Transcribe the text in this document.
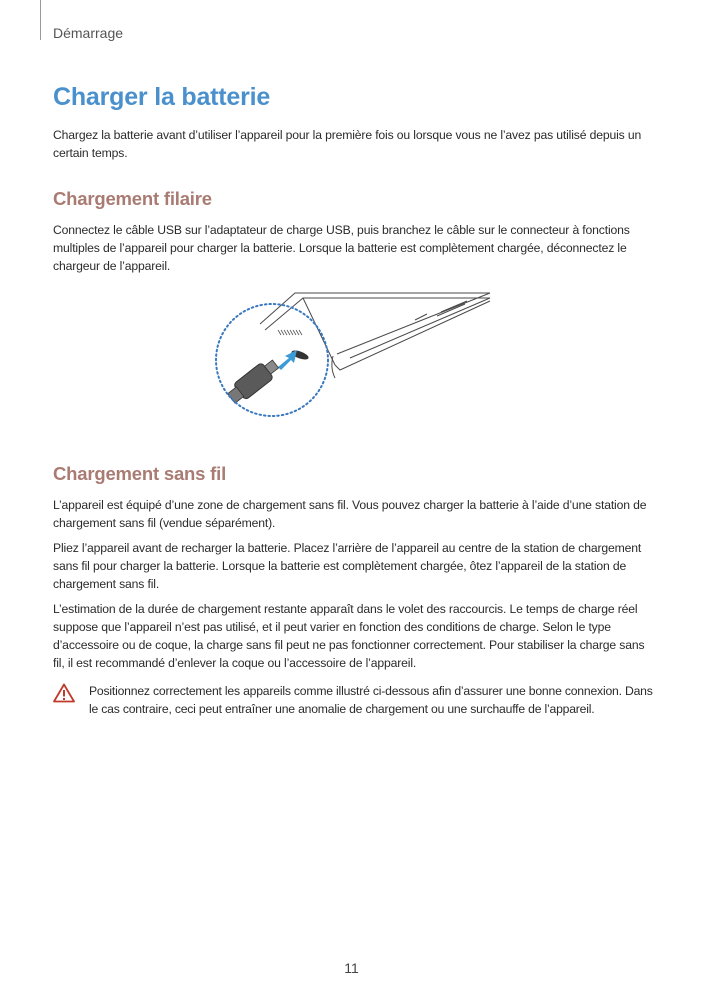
Démarrage
Charger la batterie

Chargez la batterie avant d’utiliser l’appareil pour la première fois ou lorsque vous ne l’avez pas utilisé depuis un certain temps.

Chargement filaire

Connectez le câble USB sur l’adaptateur de charge USB, puis branchez le câble sur le connecteur à fonctions multiples de l’appareil pour charger la batterie. Lorsque la batterie est complètement chargée, déconnectez le chargeur de l’appareil.

Chargement sans fil

L’appareil est équipé d’une zone de chargement sans fil. Vous pouvez charger la batterie à l’aide d’une station de chargement sans fil (vendue séparément).

Pliez l’appareil avant de recharger la batterie. Placez l’arrière de l’appareil au centre de la station de chargement sans fil pour charger la batterie. Lorsque la batterie est complètement chargée, ôtez l’appareil de la station de chargement sans fil.

L’estimation de la durée de chargement restante apparaît dans le volet des raccourcis. Le temps de charge réel suppose que l’appareil n’est pas utilisé, et il peut varier en fonction des conditions de charge. Selon le type d’accessoire ou de coque, la charge sans fil peut ne pas fonctionner correctement. Pour stabiliser la charge sans fil, il est recommandé d’enlever la coque ou l’accessoire de l’appareil.

Positionnez correctement les appareils comme illustré ci-dessous afin d’assurer une bonne connexion. Dans le cas contraire, ceci peut entraîner une anomalie de chargement ou une surchauffe de l’appareil.

11
